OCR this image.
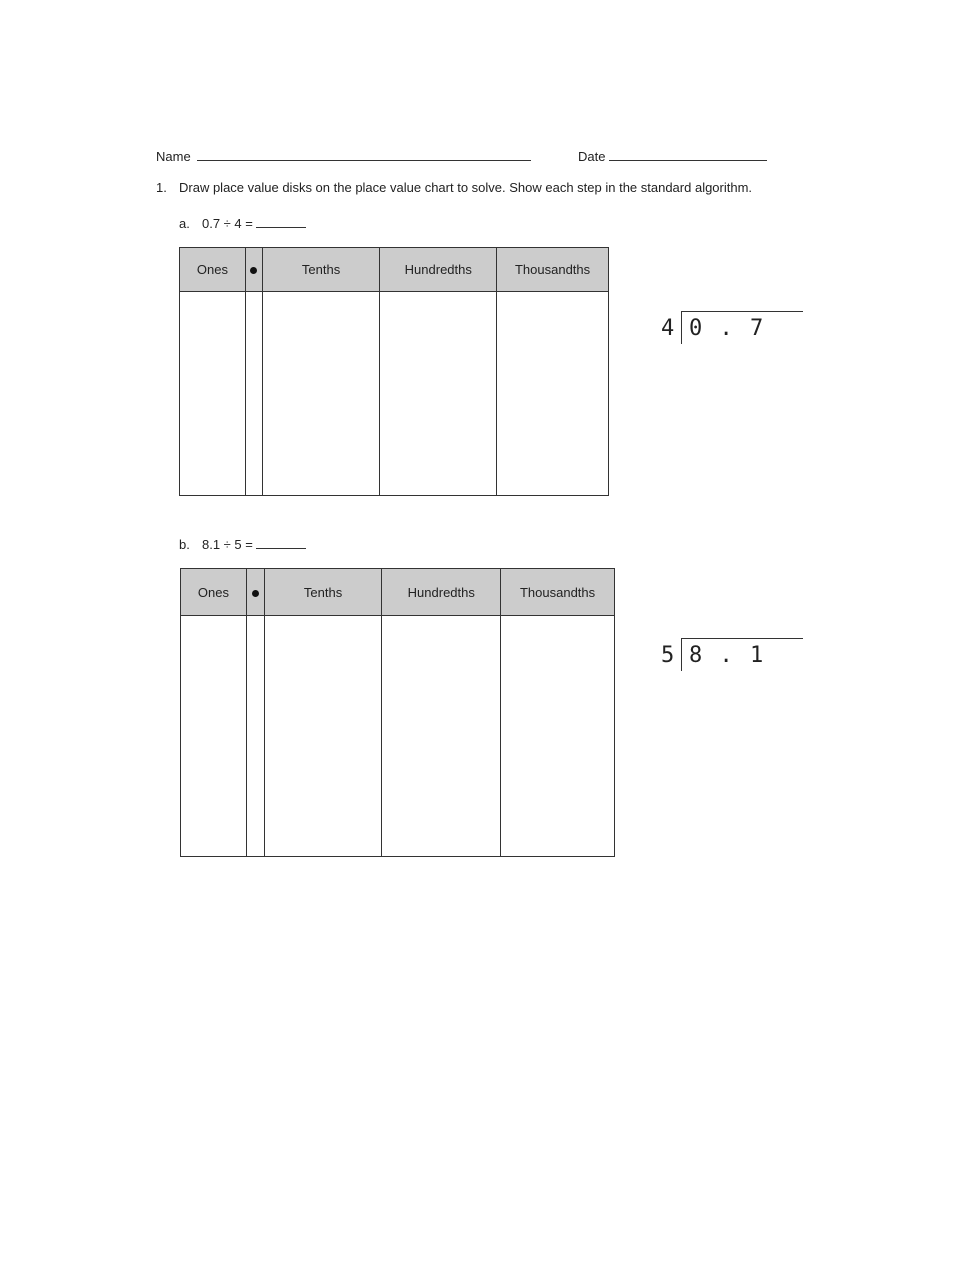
Name	Date
1. Draw place value disks on the place value chart to solve. Show each step in the standard algorithm.
a. 0.7 ÷ 4 =
Ones		Tenths	Hundredths	Thousandths

4 0 . 7
b. 8.1 ÷ 5 =
Ones		Tenths	Hundredths	Thousandths

5 8 . 1
